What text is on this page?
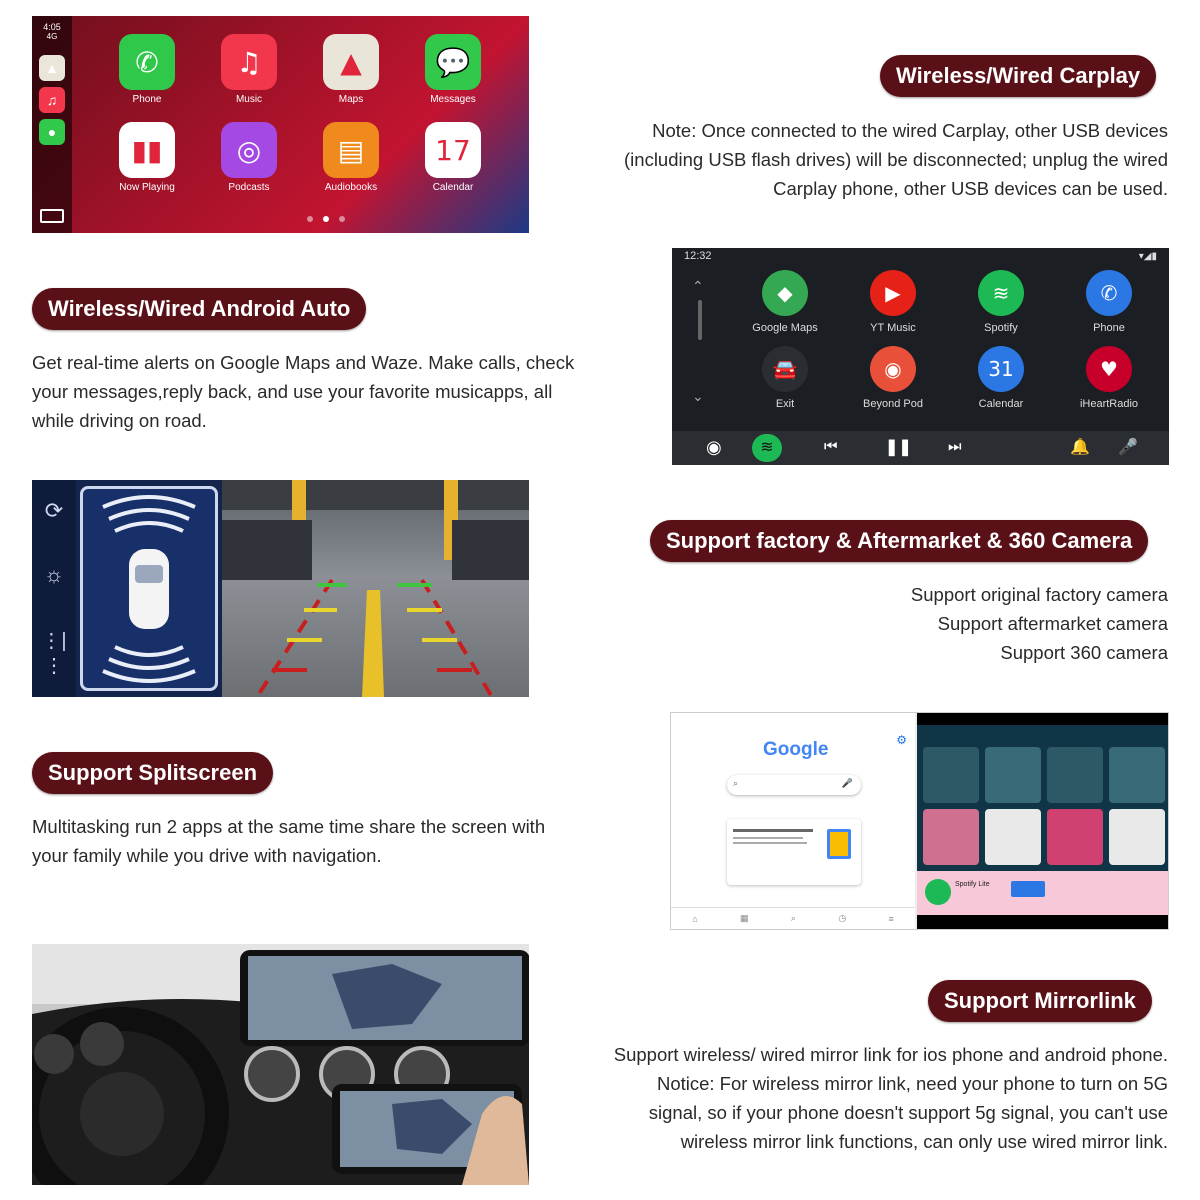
4:05
4G
▲
♫
●
✆
Phone
♫
Music
▲
Maps
💬
Messages
▮▮
Now Playing
◎
Podcasts
▤
Audiobooks
17
Calendar
Wireless/Wired Carplay
Note: Once connected to the wired Carplay, other USB devices
(including USB flash drives) will be disconnected; unplug the wired
Carplay phone, other USB devices can be used.
Wireless/Wired Android Auto
Get real-time alerts on Google Maps and Waze. Make calls, check
your messages,reply back, and use your favorite musicapps, all
while driving on road.
12:32	▾◢▮
⌃
⌄
◆
Google Maps
▶
YT Music
≋
Spotify
✆
Phone
🚘
Exit
◉
Beyond Pod
31
Calendar
♥
iHeartRadio
◉	≋	⏮	❚❚ ⏭	🔔 🎤
⟳
☼
⋮|⋮
Support factory & Aftermarket & 360 Camera
Support original factory camera
Support aftermarket camera
Support 360 camera
Support Splitscreen
Multitasking run 2 apps at the same time share the screen with
your family while you drive with navigation.
Google	⚙
⌕	🎤
⌂	▦	⌕	◷	≡
Spotify Lite
Support Mirrorlink
Support wireless/ wired mirror link for ios phone and android phone.
Notice: For wireless mirror link, need your phone to turn on 5G
signal, so if your phone doesn't support 5g signal, you can't use
wireless mirror link functions, can only use wired mirror link.
